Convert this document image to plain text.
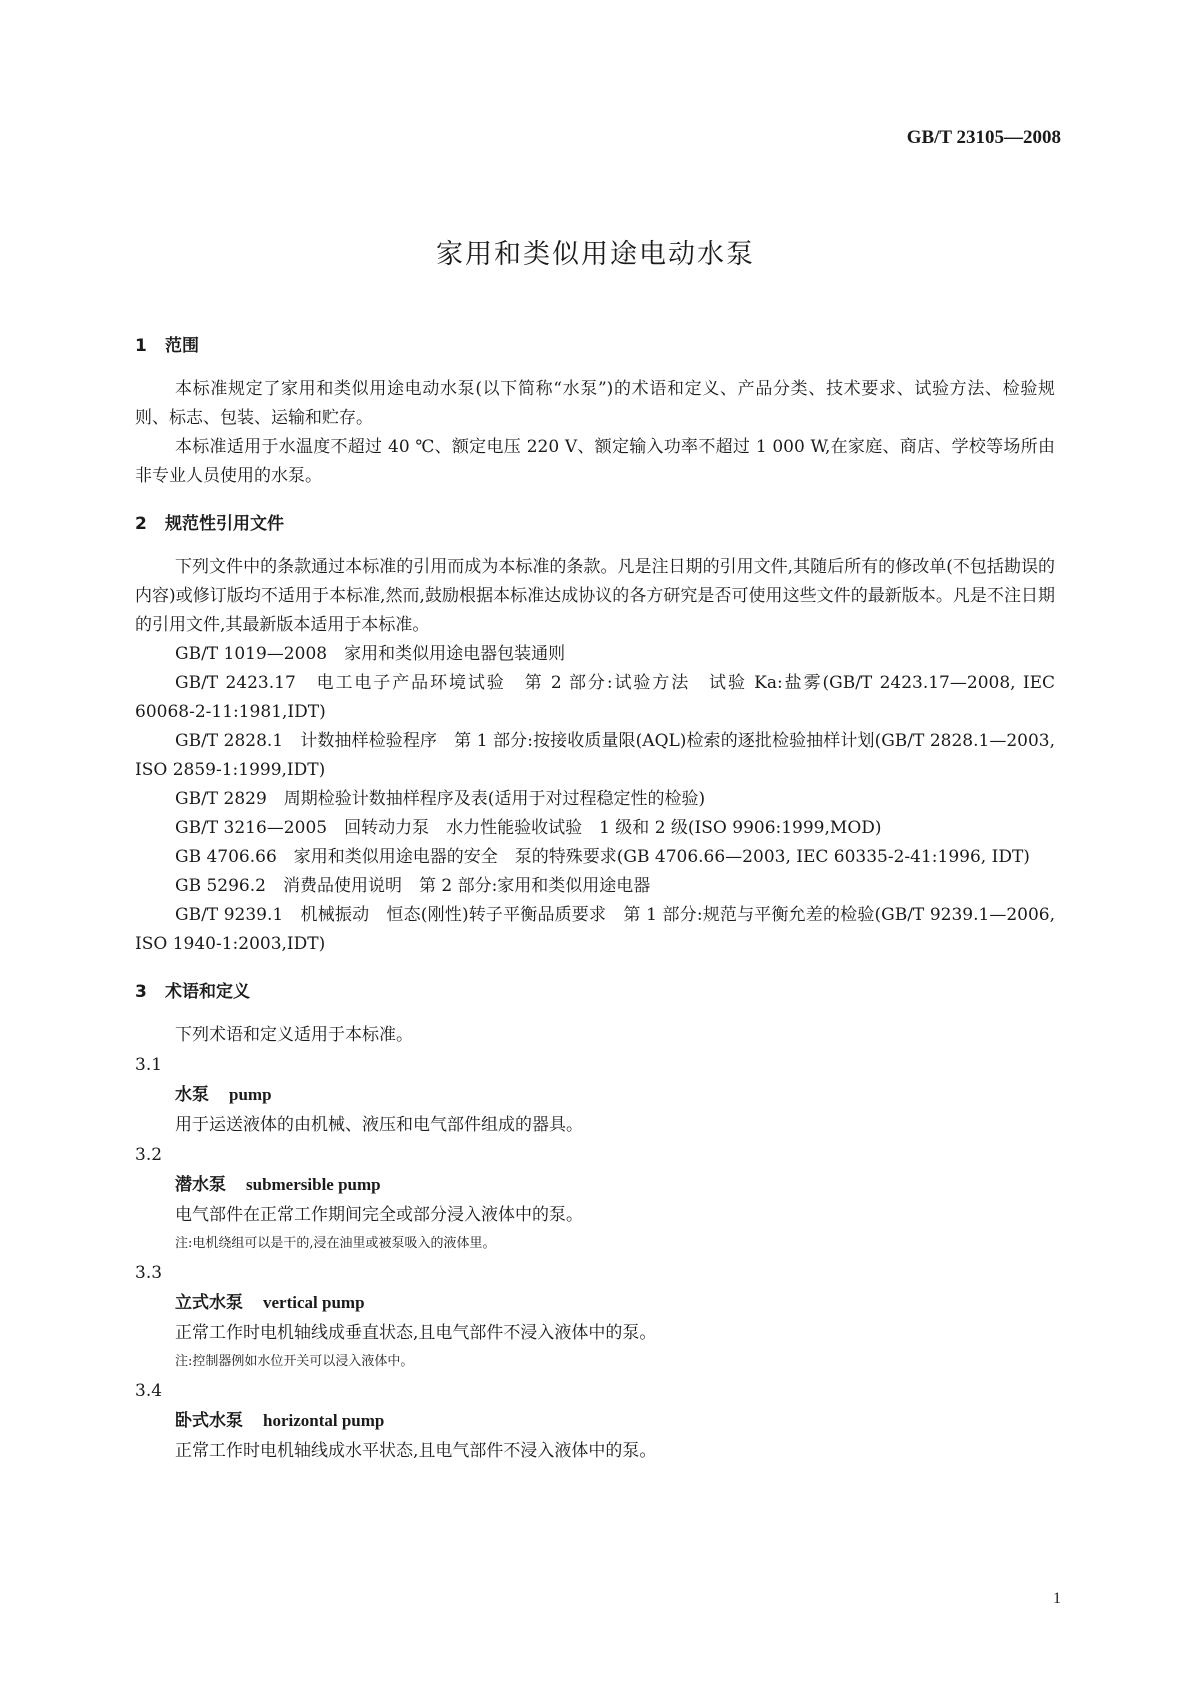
GB/T 23105—2008
家用和类似用途电动水泵
1 范围

本标准规定了家用和类似用途电动水泵(以下简称“水泵”)的术语和定义、产品分类、技术要求、试验方法、检验规则、标志、包装、运输和贮存。

本标准适用于水温度不超过 40 ℃、额定电压 220 V、额定输入功率不超过 1 000 W,在家庭、商店、学校等场所由非专业人员使用的水泵。

2 规范性引用文件

下列文件中的条款通过本标准的引用而成为本标准的条款。凡是注日期的引用文件,其随后所有的修改单(不包括勘误的内容)或修订版均不适用于本标准,然而,鼓励根据本标准达成协议的各方研究是否可使用这些文件的最新版本。凡是不注日期的引用文件,其最新版本适用于本标准。

GB/T 1019—2008　家用和类似用途电器包装通则

GB/T 2423.17　电工电子产品环境试验　第 2 部分:试验方法　试验 Ka:盐雾(GB/T 2423.17—2008, IEC 60068-2-11:1981,IDT)

GB/T 2828.1　计数抽样检验程序　第 1 部分:按接收质量限(AQL)检索的逐批检验抽样计划(GB/T 2828.1—2003, ISO 2859-1:1999,IDT)

GB/T 2829　周期检验计数抽样程序及表(适用于对过程稳定性的检验)

GB/T 3216—2005　回转动力泵　水力性能验收试验　1 级和 2 级(ISO 9906:1999,MOD)

GB 4706.66　家用和类似用途电器的安全　泵的特殊要求(GB 4706.66—2003, IEC 60335-2-41:1996, IDT)

GB 5296.2　消费品使用说明　第 2 部分:家用和类似用途电器

GB/T 9239.1　机械振动　恒态(刚性)转子平衡品质要求　第 1 部分:规范与平衡允差的检验(GB/T 9239.1—2006, ISO 1940-1:2003,IDT)

3 术语和定义

下列术语和定义适用于本标准。

3.1

水泵 pump

用于运送液体的由机械、液压和电气部件组成的器具。

3.2

潜水泵 submersible pump

电气部件在正常工作期间完全或部分浸入液体中的泵。

注:电机绕组可以是干的,浸在油里或被泵吸入的液体里。

3.3

立式水泵 vertical pump

正常工作时电机轴线成垂直状态,且电气部件不浸入液体中的泵。

注:控制器例如水位开关可以浸入液体中。

3.4

卧式水泵 horizontal pump

正常工作时电机轴线成水平状态,且电气部件不浸入液体中的泵。

1
